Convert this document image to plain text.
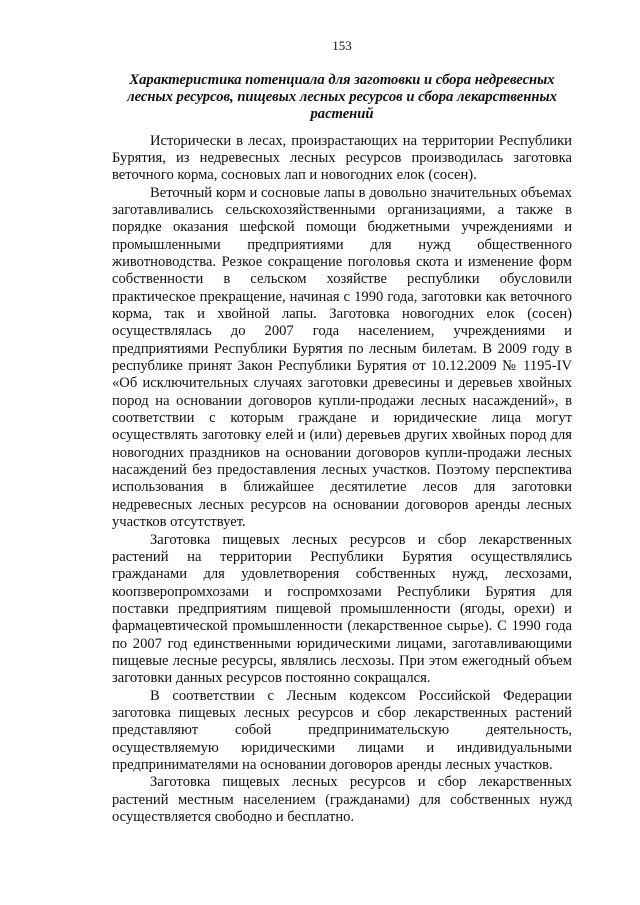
153
Характеристика потенциала для заготовки и сбора недревесных лесных ресурсов, пищевых лесных ресурсов и сбора лекарственных растений

Исторически в лесах, произрастающих на территории Республики Бурятия, из недревесных лесных ресурсов производилась заготовка веточного корма, сосновых лап и новогодних елок (сосен).

Веточный корм и сосновые лапы в довольно значительных объемах заготавливались сельскохозяйственными организациями, а также в порядке оказания шефской помощи бюджетными учреждениями и промышленными предприятиями для нужд общественного животноводства. Резкое сокращение поголовья скота и изменение форм собственности в сельском хозяйстве республики обусловили практическое прекращение, начиная с 1990 года, заготовки как веточного корма, так и хвойной лапы. Заготовка новогодних елок (сосен) осуществлялась до 2007 года населением, учреждениями и предприятиями Республики Бурятия по лесным билетам. В 2009 году в республике принят Закон Республики Бурятия от 10.12.2009 № 1195-IV «Об исключительных случаях заготовки древесины и деревьев хвойных пород на основании договоров купли-продажи лесных насаждений», в соответствии с которым граждане и юридические лица могут осуществлять заготовку елей и (или) деревьев других хвойных пород для новогодних праздников на основании договоров купли-продажи лесных насаждений без предоставления лесных участков. Поэтому перспектива использования в ближайшее десятилетие лесов для заготовки недревесных лесных ресурсов на основании договоров аренды лесных участков отсутствует.

Заготовка пищевых лесных ресурсов и сбор лекарственных растений на территории Республики Бурятия осуществлялись гражданами для удовлетворения собственных нужд, лесхозами, коопзверопромхозами и госпромхозами Республики Бурятия для поставки предприятиям пищевой промышленности (ягоды, орехи) и фармацевтической промышленности (лекарственное сырье). С 1990 года по 2007 год единственными юридическими лицами, заготавливающими пищевые лесные ресурсы, являлись лесхозы. При этом ежегодный объем заготовки данных ресурсов постоянно сокращался.

В соответствии с Лесным кодексом Российской Федерации заготовка пищевых лесных ресурсов и сбор лекарственных растений представляют собой предпринимательскую деятельность, осуществляемую юридическими лицами и индивидуальными предпринимателями на основании договоров аренды лесных участков.

Заготовка пищевых лесных ресурсов и сбор лекарственных растений местным населением (гражданами) для собственных нужд осуществляется свободно и бесплатно.
